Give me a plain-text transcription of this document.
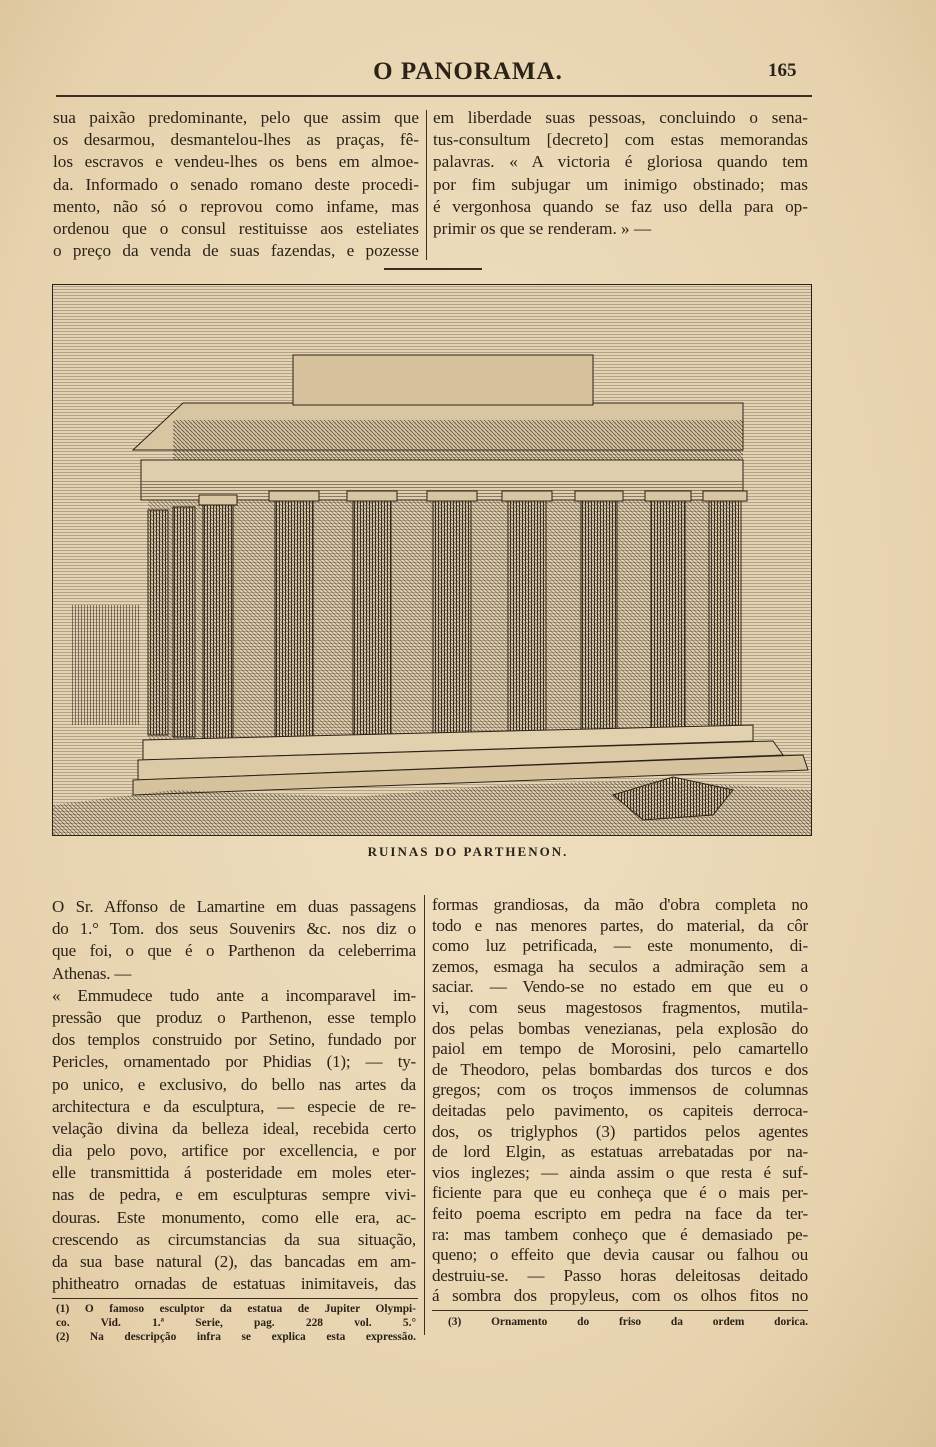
O PANORAMA.	165
sua paixão predominante, pelo que assim que
os desarmou, desmantelou-lhes as praças, fê-
los escravos e vendeu-lhes os bens em almoe-
da. Informado o senado romano deste procedi-
mento, não só o reprovou como infame, mas
ordenou que o consul restituisse aos esteliates
o preço da venda de suas fazendas, e pozesse
em liberdade suas pessoas, concluindo o sena-
tus-consultum [decreto] com estas memorandas
palavras. « A victoria é gloriosa quando tem
por fim subjugar um inimigo obstinado; mas
é vergonhosa quando se faz uso della para op-
primir os que se renderam. » —
RUINAS DO PARTHENON.
O Sr. Affonso de Lamartine em duas passagens
do 1.° Tom. dos seus Souvenirs &c. nos diz o
que foi, o que é o Parthenon da celeberrima
Athenas. —
« Emmudece tudo ante a incomparavel im-
pressão que produz o Parthenon, esse templo
dos templos construido por Setino, fundado por
Pericles, ornamentado por Phidias (1); — ty-
po unico, e exclusivo, do bello nas artes da
architectura e da esculptura, — especie de re-
velação divina da belleza ideal, recebida certo
dia pelo povo, artifice por excellencia, e por
elle transmittida á posteridade em moles eter-
nas de pedra, e em esculpturas sempre vivi-
douras. Este monumento, como elle era, ac-
crescendo as circumstancias da sua situação,
da sua base natural (2), das bancadas em am-
phitheatro ornadas de estatuas inimitaveis, das
formas grandiosas, da mão d'obra completa no
todo e nas menores partes, do material, da côr
como luz petrificada, — este monumento, di-
zemos, esmaga ha seculos a admiração sem a
saciar. — Vendo-se no estado em que eu o
vi, com seus magestosos fragmentos, mutila-
dos pelas bombas venezianas, pela explosão do
paiol em tempo de Morosini, pelo camartello
de Theodoro, pelas bombardas dos turcos e dos
gregos; com os troços immensos de columnas
deitadas pelo pavimento, os capiteis derroca-
dos, os triglyphos (3) partidos pelos agentes
de lord Elgin, as estatuas arrebatadas por na-
vios inglezes; — ainda assim o que resta é suf-
ficiente para que eu conheça que é o mais per-
feito poema escripto em pedra na face da ter-
ra: mas tambem conheço que é demasiado pe-
queno; o effeito que devia causar ou falhou ou
destruiu-se. — Passo horas deleitosas deitado
á sombra dos propyleus, com os olhos fitos no
(1) O famoso esculptor da estatua de Jupiter Olympi-
co. Vid. 1.ª Serie, pag. 228 vol. 5.°
(2) Na descripção infra se explica esta expressão.
(3) Ornamento do friso da ordem dorica.
